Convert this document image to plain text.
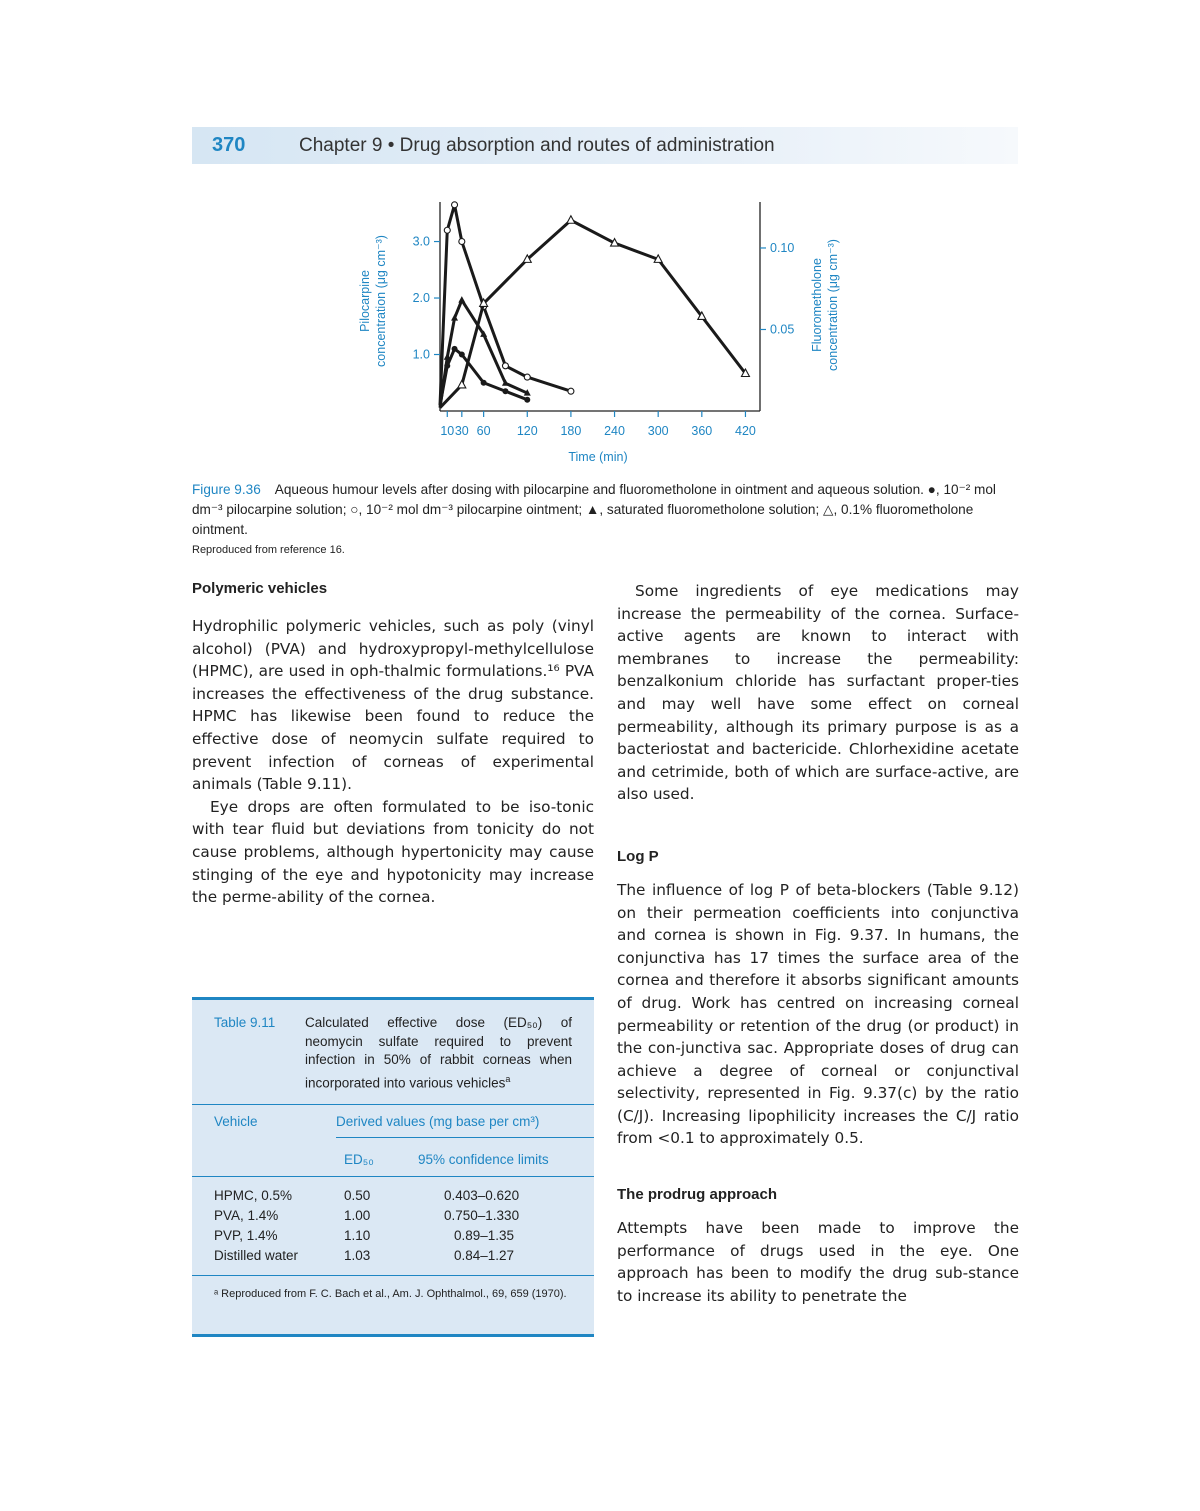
370	Chapter 9 • Drug absorption and routes of administration
10 30 60 120 180 240 300 360 420
1.0
2.0
3.0
0.05
0.10
Time (min)
Pilocarpine concentration (μg cm⁻³)	Fluorometholone concentration (μg cm⁻³)
Figure 9.36 Aqueous humour levels after dosing with pilocarpine and fluorometholone in ointment and aqueous solution. ●, 10⁻² mol dm⁻³ pilocarpine solution; ○, 10⁻² mol dm⁻³ pilocarpine ointment; ▲, saturated fluorometholone solution; △, 0.1% fluorometholone ointment.
Reproduced from reference 16.
Polymeric vehicles

Hydrophilic polymeric vehicles, such as poly (vinyl alcohol) (PVA) and hydroxypropyl-methylcellulose (HPMC), are used in oph-thalmic formulations.¹⁶ PVA increases the effectiveness of the drug substance. HPMC has likewise been found to reduce the effective dose of neomycin sulfate required to prevent infection of corneas of experimental animals (Table 9.11).

Eye drops are often formulated to be iso-tonic with tear fluid but deviations from tonicity do not cause problems, although hypertonicity may cause stinging of the eye and hypotonicity may increase the perme-ability of the cornea.

Table 9.11 Calculated effective dose (ED₅₀) of neomycin sulfate required to prevent infection in 50% of rabbit corneas when incorporated into various vehicles$^a$
Vehicle	Derived values (mg base per cm³)
ED₅₀	95% confidence limits
HPMC, 0.5%	0.50	0.403–0.620
PVA, 1.4%	1.00	0.750–1.330
PVP, 1.4%	1.10	0.89–1.35
Distilled water	1.03	0.84–1.27
ᵃ Reproduced from F. C. Bach et al., Am. J. Ophthalmol., 69, 659 (1970).

Some ingredients of eye medications may increase the permeability of the cornea. Surface-active agents are known to interact with membranes to increase the permeability: benzalkonium chloride has surfactant proper-ties and may well have some effect on corneal permeability, although its primary purpose is as a bacteriostat and bactericide. Chlorhexidine acetate and cetrimide, both of which are surface-active, are also used.

Log P

The influence of log P of beta-blockers (Table 9.12) on their permeation coefficients into conjunctiva and cornea is shown in Fig. 9.37. In humans, the conjunctiva has 17 times the surface area of the cornea and therefore it absorbs significant amounts of drug. Work has centred on increasing corneal permeability or retention of the drug (or product) in the con-junctiva sac. Appropriate doses of drug can achieve a degree of corneal or conjunctival selectivity, represented in Fig. 9.37(c) by the ratio (C/J). Increasing lipophilicity increases the C/J ratio from <0.1 to approximately 0.5.

The prodrug approach

Attempts have been made to improve the performance of drugs used in the eye. One approach has been to modify the drug sub-stance to increase its ability to penetrate the
